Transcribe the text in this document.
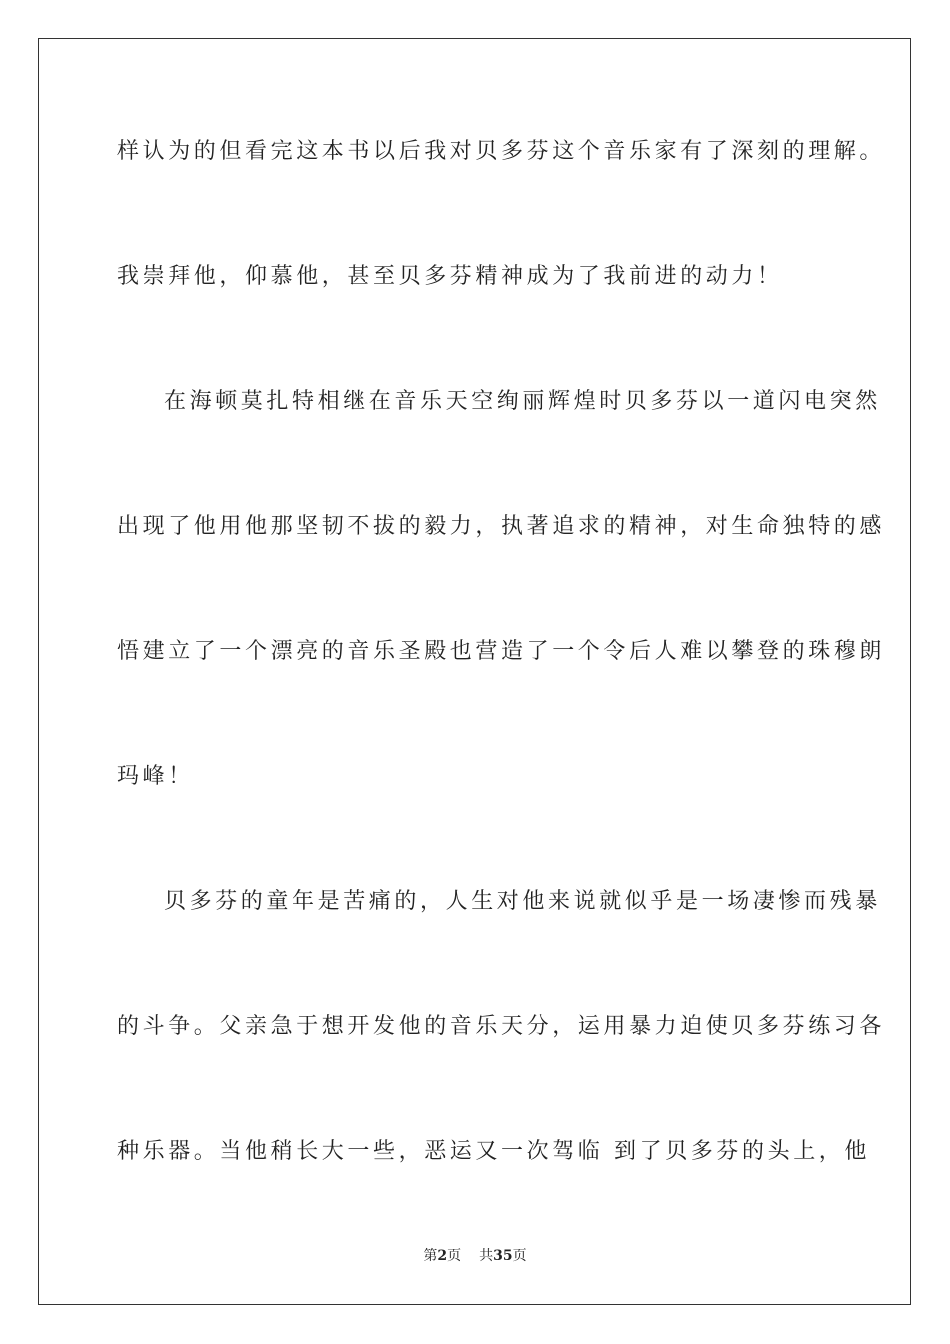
样认为的但看完这本书以后我对贝多芬这个音乐家有了深刻的理解。
我崇拜他，仰慕他，甚至贝多芬精神成为了我前进的动力！
在海顿莫扎特相继在音乐天空绚丽辉煌时贝多芬以一道闪电突然
出现了他用他那坚韧不拔的毅力，执著追求的精神，对生命独特的感
悟建立了一个漂亮的音乐圣殿也营造了一个令后人难以攀登的珠穆朗
玛峰！
贝多芬的童年是苦痛的，人生对他来说就似乎是一场凄惨而残暴
的斗争。父亲急于想开发他的音乐天分，运用暴力迫使贝多芬练习各
种乐器。当他稍长大一些，恶运又一次驾临 到了贝多芬的头上，他
第2页 共35页
